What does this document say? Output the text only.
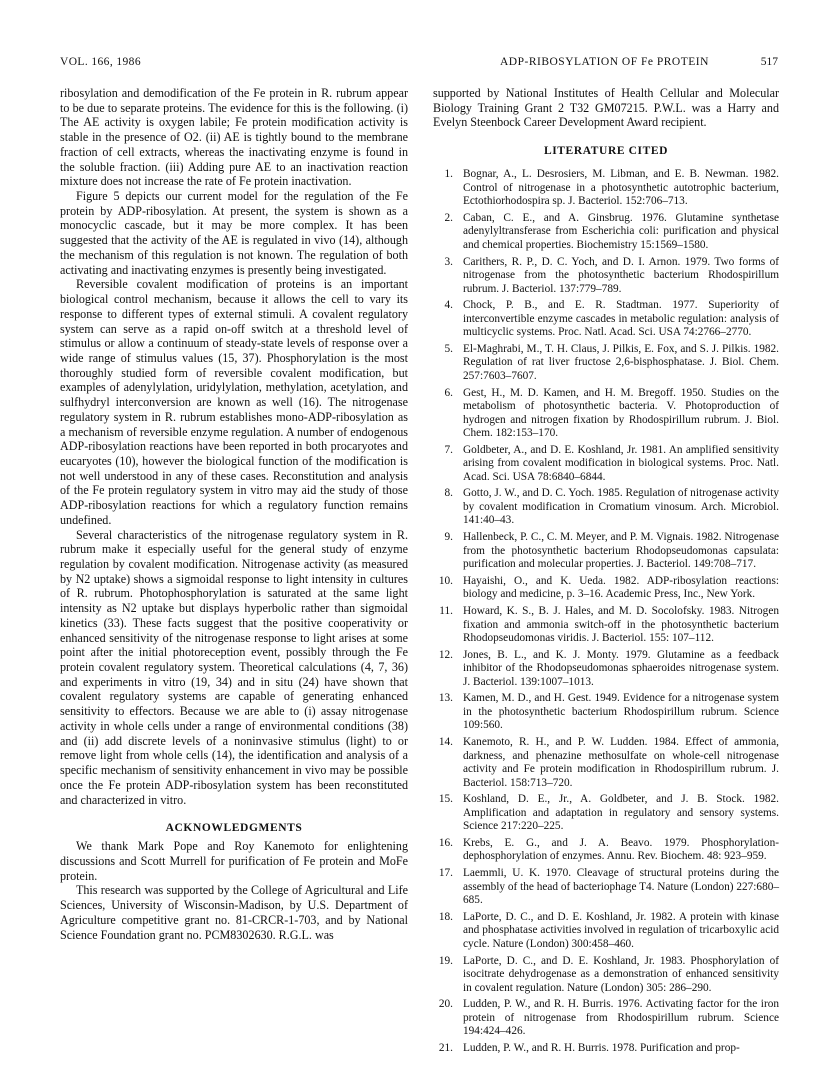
VOL. 166, 1986	ADP-RIBOSYLATION OF Fe PROTEIN	517

ribosylation and demodification of the Fe protein in R. rubrum appear to be due to separate proteins. The evidence for this is the following. (i) The AE activity is oxygen labile; Fe protein modification activity is stable in the presence of O2. (ii) AE is tightly bound to the membrane fraction of cell extracts, whereas the inactivating enzyme is found in the soluble fraction. (iii) Adding pure AE to an inactivation reaction mixture does not increase the rate of Fe protein inactivation.

Figure 5 depicts our current model for the regulation of the Fe protein by ADP-ribosylation. At present, the system is shown as a monocyclic cascade, but it may be more complex. It has been suggested that the activity of the AE is regulated in vivo (14), although the mechanism of this regulation is not known. The regulation of both activating and inactivating enzymes is presently being investigated.

Reversible covalent modification of proteins is an important biological control mechanism, because it allows the cell to vary its response to different types of external stimuli. A covalent regulatory system can serve as a rapid on-off switch at a threshold level of stimulus or allow a continuum of steady-state levels of response over a wide range of stimulus values (15, 37). Phosphorylation is the most thoroughly studied form of reversible covalent modification, but examples of adenylylation, uridylylation, methylation, acetylation, and sulfhydryl interconversion are known as well (16). The nitrogenase regulatory system in R. rubrum establishes mono-ADP-ribosylation as a mechanism of reversible enzyme regulation. A number of endogenous ADP-ribosylation reactions have been reported in both procaryotes and eucaryotes (10), however the biological function of the modification is not well understood in any of these cases. Reconstitution and analysis of the Fe protein regulatory system in vitro may aid the study of those ADP-ribosylation reactions for which a regulatory function remains undefined.

Several characteristics of the nitrogenase regulatory system in R. rubrum make it especially useful for the general study of enzyme regulation by covalent modification. Nitrogenase activity (as measured by N2 uptake) shows a sigmoidal response to light intensity in cultures of R. rubrum. Photophosphorylation is saturated at the same light intensity as N2 uptake but displays hyperbolic rather than sigmoidal kinetics (33). These facts suggest that the positive cooperativity or enhanced sensitivity of the nitrogenase response to light arises at some point after the initial photoreception event, possibly through the Fe protein covalent regulatory system. Theoretical calculations (4, 7, 36) and experiments in vitro (19, 34) and in situ (24) have shown that covalent regulatory systems are capable of generating enhanced sensitivity to effectors. Because we are able to (i) assay nitrogenase activity in whole cells under a range of environmental conditions (38) and (ii) add discrete levels of a noninvasive stimulus (light) to or remove light from whole cells (14), the identification and analysis of a specific mechanism of sensitivity enhancement in vivo may be possible once the Fe protein ADP-ribosylation system has been reconstituted and characterized in vitro.

ACKNOWLEDGMENTS

We thank Mark Pope and Roy Kanemoto for enlightening discussions and Scott Murrell for purification of Fe protein and MoFe protein.

This research was supported by the College of Agricultural and Life Sciences, University of Wisconsin-Madison, by U.S. Department of Agriculture competitive grant no. 81-CRCR-1-703, and by National Science Foundation grant no. PCM8302630. R.G.L. was

supported by National Institutes of Health Cellular and Molecular Biology Training Grant 2 T32 GM07215. P.W.L. was a Harry and Evelyn Steenbock Career Development Award recipient.

LITERATURE CITED
1. Bognar, A., L. Desrosiers, M. Libman, and E. B. Newman. 1982. Control of nitrogenase in a photosynthetic autotrophic bacterium, Ectothiorhodospira sp. J. Bacteriol. 152:706–713.
2. Caban, C. E., and A. Ginsbrug. 1976. Glutamine synthetase adenylyltransferase from Escherichia coli: purification and physical and chemical properties. Biochemistry 15:1569–1580.
3. Carithers, R. P., D. C. Yoch, and D. I. Arnon. 1979. Two forms of nitrogenase from the photosynthetic bacterium Rhodospirillum rubrum. J. Bacteriol. 137:779–789.
4. Chock, P. B., and E. R. Stadtman. 1977. Superiority of interconvertible enzyme cascades in metabolic regulation: analysis of multicyclic systems. Proc. Natl. Acad. Sci. USA 74:2766–2770.
5. El-Maghrabi, M., T. H. Claus, J. Pilkis, E. Fox, and S. J. Pilkis. 1982. Regulation of rat liver fructose 2,6-bisphosphatase. J. Biol. Chem. 257:7603–7607.
6. Gest, H., M. D. Kamen, and H. M. Bregoff. 1950. Studies on the metabolism of photosynthetic bacteria. V. Photoproduction of hydrogen and nitrogen fixation by Rhodospirillum rubrum. J. Biol. Chem. 182:153–170.
7. Goldbeter, A., and D. E. Koshland, Jr. 1981. An amplified sensitivity arising from covalent modification in biological systems. Proc. Natl. Acad. Sci. USA 78:6840–6844.
8. Gotto, J. W., and D. C. Yoch. 1985. Regulation of nitrogenase activity by covalent modification in Cromatium vinosum. Arch. Microbiol. 141:40–43.
9. Hallenbeck, P. C., C. M. Meyer, and P. M. Vignais. 1982. Nitrogenase from the photosynthetic bacterium Rhodopseudomonas capsulata: purification and molecular properties. J. Bacteriol. 149:708–717.
10. Hayaishi, O., and K. Ueda. 1982. ADP-ribosylation reactions: biology and medicine, p. 3–16. Academic Press, Inc., New York.
11. Howard, K. S., B. J. Hales, and M. D. Socolofsky. 1983. Nitrogen fixation and ammonia switch-off in the photosynthetic bacterium Rhodopseudomonas viridis. J. Bacteriol. 155: 107–112.
12. Jones, B. L., and K. J. Monty. 1979. Glutamine as a feedback inhibitor of the Rhodopseudomonas sphaeroides nitrogenase system. J. Bacteriol. 139:1007–1013.
13. Kamen, M. D., and H. Gest. 1949. Evidence for a nitrogenase system in the photosynthetic bacterium Rhodospirillum rubrum. Science 109:560.
14. Kanemoto, R. H., and P. W. Ludden. 1984. Effect of ammonia, darkness, and phenazine methosulfate on whole-cell nitrogenase activity and Fe protein modification in Rhodospirillum rubrum. J. Bacteriol. 158:713–720.
15. Koshland, D. E., Jr., A. Goldbeter, and J. B. Stock. 1982. Amplification and adaptation in regulatory and sensory systems. Science 217:220–225.
16. Krebs, E. G., and J. A. Beavo. 1979. Phosphorylation-dephosphorylation of enzymes. Annu. Rev. Biochem. 48: 923–959.
17. Laemmli, U. K. 1970. Cleavage of structural proteins during the assembly of the head of bacteriophage T4. Nature (London) 227:680–685.
18. LaPorte, D. C., and D. E. Koshland, Jr. 1982. A protein with kinase and phosphatase activities involved in regulation of tricarboxylic acid cycle. Nature (London) 300:458–460.
19. LaPorte, D. C., and D. E. Koshland, Jr. 1983. Phosphorylation of isocitrate dehydrogenase as a demonstration of enhanced sensitivity in covalent regulation. Nature (London) 305: 286–290.
20. Ludden, P. W., and R. H. Burris. 1976. Activating factor for the iron protein of nitrogenase from Rhodospirillum rubrum. Science 194:424–426.
21. Ludden, P. W., and R. H. Burris. 1978. Purification and prop-
